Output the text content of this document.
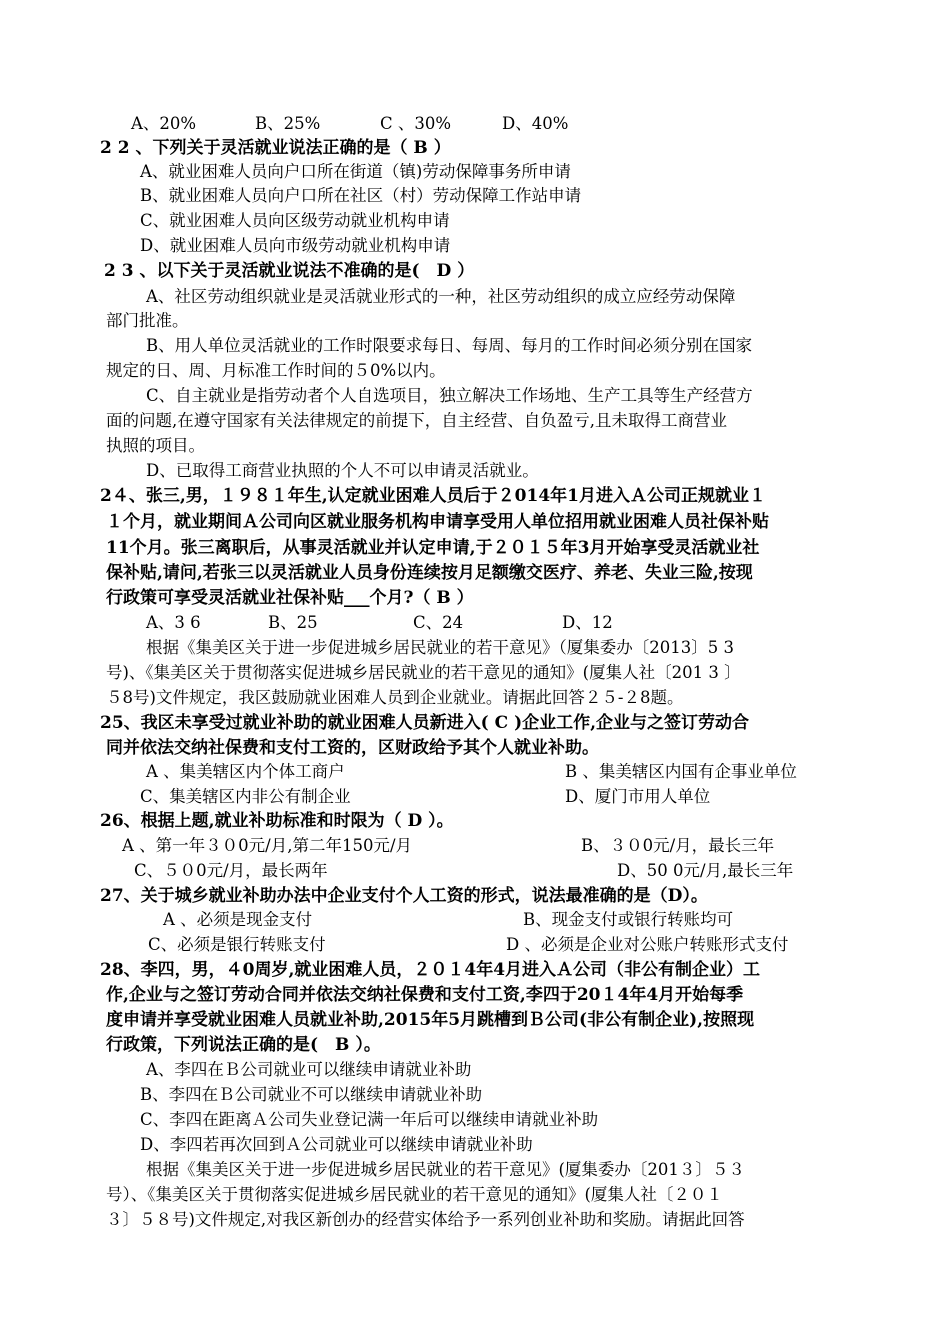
A、20%	B、25%	C 、30%	D、40%
2 2 、下列关于灵活就业说法正确的是（ B ）
A、就业困难人员向户口所在街道（镇)劳动保障事务所申请
B、就业困难人员向户口所在社区（村）劳动保障工作站申请
C、就业困难人员向区级劳动就业机构申请
D、就业困难人员向市级劳动就业机构申请
2 3 、以下关于灵活就业说法不准确的是(　D ）
A、社区劳动组织就业是灵活就业形式的一种，社区劳动组织的成立应经劳动保障
部门批准。
B、用人单位灵活就业的工作时限要求每日、每周、每月的工作时间必须分别在国家
规定的日、周、月标准工作时间的５0%以内。
C、自主就业是指劳动者个人自选项目，独立解决工作场地、生产工具等生产经营方
面的问题,在遵守国家有关法律规定的前提下，自主经营、自负盈亏,且未取得工商营业
执照的项目。
D、已取得工商营业执照的个人不可以申请灵活就业。
2４、张三,男，１９８１年生,认定就业困难人员后于２014年1月进入Ａ公司正规就业１
１个月，就业期间Ａ公司向区就业服务机构申请享受用人单位招用就业困难人员社保补贴
11个月。张三离职后，从事灵活就业并认定申请,于２０１５年3月开始享受灵活就业社
保补贴,请问,若张三以灵活就业人员身份连续按月足额缴交医疗、养老、失业三险,按现
行政策可享受灵活就业社保补贴___个月?（ B ）
A、3 6	B、25	C、24	D、12
根据《集美区关于进一步促进城乡居民就业的若干意见》（厦集委办〔2013〕5 3
号)、《集美区关于贯彻落实促进城乡居民就业的若干意见的通知》(厦集人社〔201 3 〕
５8号)文件规定，我区鼓励就业困难人员到企业就业。请据此回答２５-２8题。
25、我区未享受过就业补助的就业困难人员新进入( C )企业工作,企业与之签订劳动合
同并依法交纳社保费和支付工资的，区财政给予其个人就业补助。
A 、集美辖区内个体工商户	B 、集美辖区内国有企事业单位
C、集美辖区内非公有制企业	D、厦门市用人单位
26、根据上题,就业补助标准和时限为（ D ）。
A 、第一年３０0元/月,第二年150元/月	B、３０0元/月，最长三年
C、５０0元/月，最长两年	D、50 0元/月,最长三年
27、关于城乡就业补助办法中企业支付个人工资的形式，说法最准确的是（D）。
A 、必须是现金支付	B、现金支付或银行转账均可
C、必须是银行转账支付	D 、必须是企业对公账户转账形式支付
28、李四，男，４0周岁,就业困难人员，２０１4年4月进入Ａ公司（非公有制企业）工
作,企业与之签订劳动合同并依法交纳社保费和支付工资,李四于20１4年4月开始每季
度申请并享受就业困难人员就业补助,2015年5月跳槽到Ｂ公司(非公有制企业),按照现
行政策，下列说法正确的是(　B ）。
A、李四在Ｂ公司就业可以继续申请就业补助
B、李四在Ｂ公司就业不可以继续申请就业补助
C、李四在距离Ａ公司失业登记满一年后可以继续申请就业补助
D、李四若再次回到Ａ公司就业可以继续申请就业补助
根据《集美区关于进一步促进城乡居民就业的若干意见》(厦集委办〔201３〕５３
号）、《集美区关于贯彻落实促进城乡居民就业的若干意见的通知》(厦集人社〔２０１
３〕５８号)文件规定,对我区新创办的经营实体给予一系列创业补助和奖励。请据此回答
